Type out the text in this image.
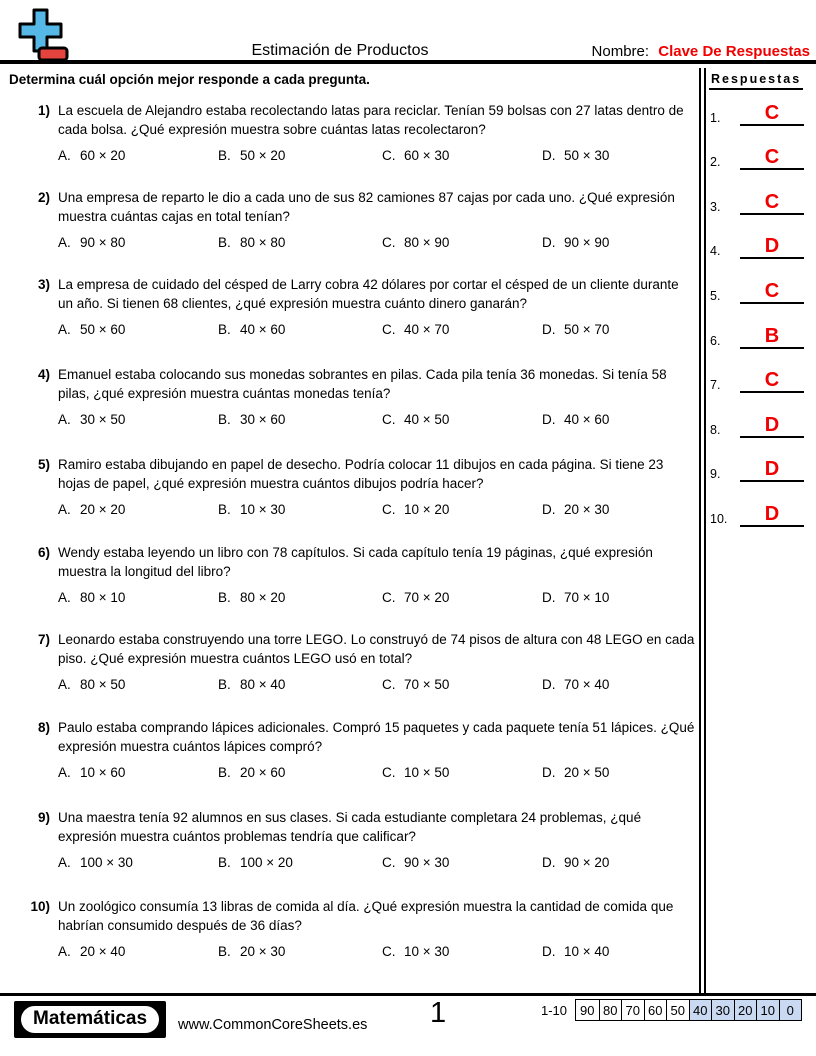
Estimación de Productos	Nombre: Clave De Respuestas
Determina cuál opción mejor responde a cada pregunta.
1) La escuela de Alejandro estaba recolectando latas para reciclar. Tenían 59 bolsas con 27 latas dentro de cada bolsa. ¿Qué expresión muestra sobre cuántas latas recolectaron?
A. 60 × 20	B. 50 × 20	C. 60 × 30	D. 50 × 30
2) Una empresa de reparto le dio a cada uno de sus 82 camiones 87 cajas por cada uno. ¿Qué expresión muestra cuántas cajas en total tenían?
A. 90 × 80	B. 80 × 80	C. 80 × 90	D. 90 × 90
3) La empresa de cuidado del césped de Larry cobra 42 dólares por cortar el césped de un cliente durante un año. Si tienen 68 clientes, ¿qué expresión muestra cuánto dinero ganarán?
A. 50 × 60	B. 40 × 60	C. 40 × 70	D. 50 × 70
4) Emanuel estaba colocando sus monedas sobrantes en pilas. Cada pila tenía 36 monedas. Si tenía 58 pilas, ¿qué expresión muestra cuántas monedas tenía?
A. 30 × 50	B. 30 × 60	C. 40 × 50	D. 40 × 60
5) Ramiro estaba dibujando en papel de desecho. Podría colocar 11 dibujos en cada página. Si tiene 23 hojas de papel, ¿qué expresión muestra cuántos dibujos podría hacer?
A. 20 × 20	B. 10 × 30	C. 10 × 20	D. 20 × 30
6) Wendy estaba leyendo un libro con 78 capítulos. Si cada capítulo tenía 19 páginas, ¿qué expresión muestra la longitud del libro?
A. 80 × 10	B. 80 × 20	C. 70 × 20	D. 70 × 10
7) Leonardo estaba construyendo una torre LEGO. Lo construyó de 74 pisos de altura con 48 LEGO en cada piso. ¿Qué expresión muestra cuántos LEGO usó en total?
A. 80 × 50	B. 80 × 40	C. 70 × 50	D. 70 × 40
8) Paulo estaba comprando lápices adicionales. Compró 15 paquetes y cada paquete tenía 51 lápices. ¿Qué expresión muestra cuántos lápices compró?
A. 10 × 60	B. 20 × 60	C. 10 × 50	D. 20 × 50
9) Una maestra tenía 92 alumnos en sus clases. Si cada estudiante completara 24 problemas, ¿qué expresión muestra cuántos problemas tendría que calificar?
A. 100 × 30	B. 100 × 20	C. 90 × 30	D. 90 × 20
10) Un zoológico consumía 13 libras de comida al día. ¿Qué expresión muestra la cantidad de comida que habrían consumido después de 36 días?
A. 20 × 40	B. 20 × 30	C. 10 × 30	D. 10 × 40
Respuestas
1.	C
2.	C
3.	C
4.	D
5.	C
6.	B
7.	C
8.	D
9.	D
10.	D
Matemáticas	www.CommonCoreSheets.es 1	1-10	90 80 70 60 50 40 30 20 10 0
